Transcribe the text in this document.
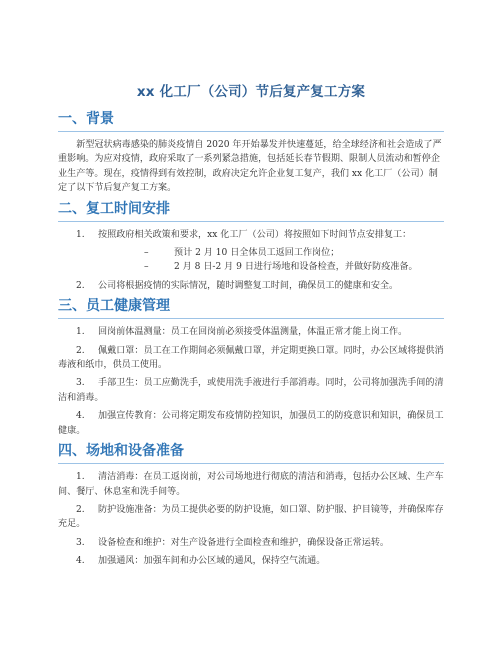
xx 化工厂（公司）节后复产复工方案
一、背景

新型冠状病毒感染的肺炎疫情自 2020 年开始暴发并快速蔓延，给全球经济和社会造成了严重影响。为应对疫情，政府采取了一系列紧急措施，包括延长春节假期、限制人员流动和暂停企业生产等。现在，疫情得到有效控制，政府决定允许企业复工复产，我们 xx 化工厂（公司）制定了以下节后复产复工方案。

二、复工时间安排

1. 按照政府相关政策和要求，xx 化工厂（公司）将按照如下时间节点安排复工：

–	预计 2 月 10 日全体员工返回工作岗位；

–	2 月 8 日-2 月 9 日进行场地和设备检查，并做好防疫准备。

2. 公司将根据疫情的实际情况，随时调整复工时间，确保员工的健康和安全。

三、员工健康管理

1. 回岗前体温测量：员工在回岗前必须接受体温测量，体温正常才能上岗工作。

2. 佩戴口罩：员工在工作期间必须佩戴口罩，并定期更换口罩。同时，办公区域将提供消毒液和纸巾，供员工使用。

3. 手部卫生：员工应勤洗手，或使用洗手液进行手部消毒。同时，公司将加强洗手间的清洁和消毒。

4. 加强宣传教育：公司将定期发布疫情防控知识，加强员工的防疫意识和知识，确保员工健康。

四、场地和设备准备

1. 清洁消毒：在员工返岗前，对公司场地进行彻底的清洁和消毒，包括办公区域、生产车间、餐厅、休息室和洗手间等。

2. 防护设施准备：为员工提供必要的防护设施，如口罩、防护服、护目镜等，并确保库存充足。

3. 设备检查和维护：对生产设备进行全面检查和维护，确保设备正常运转。

4. 加强通风：加强车间和办公区域的通风，保持空气流通。
